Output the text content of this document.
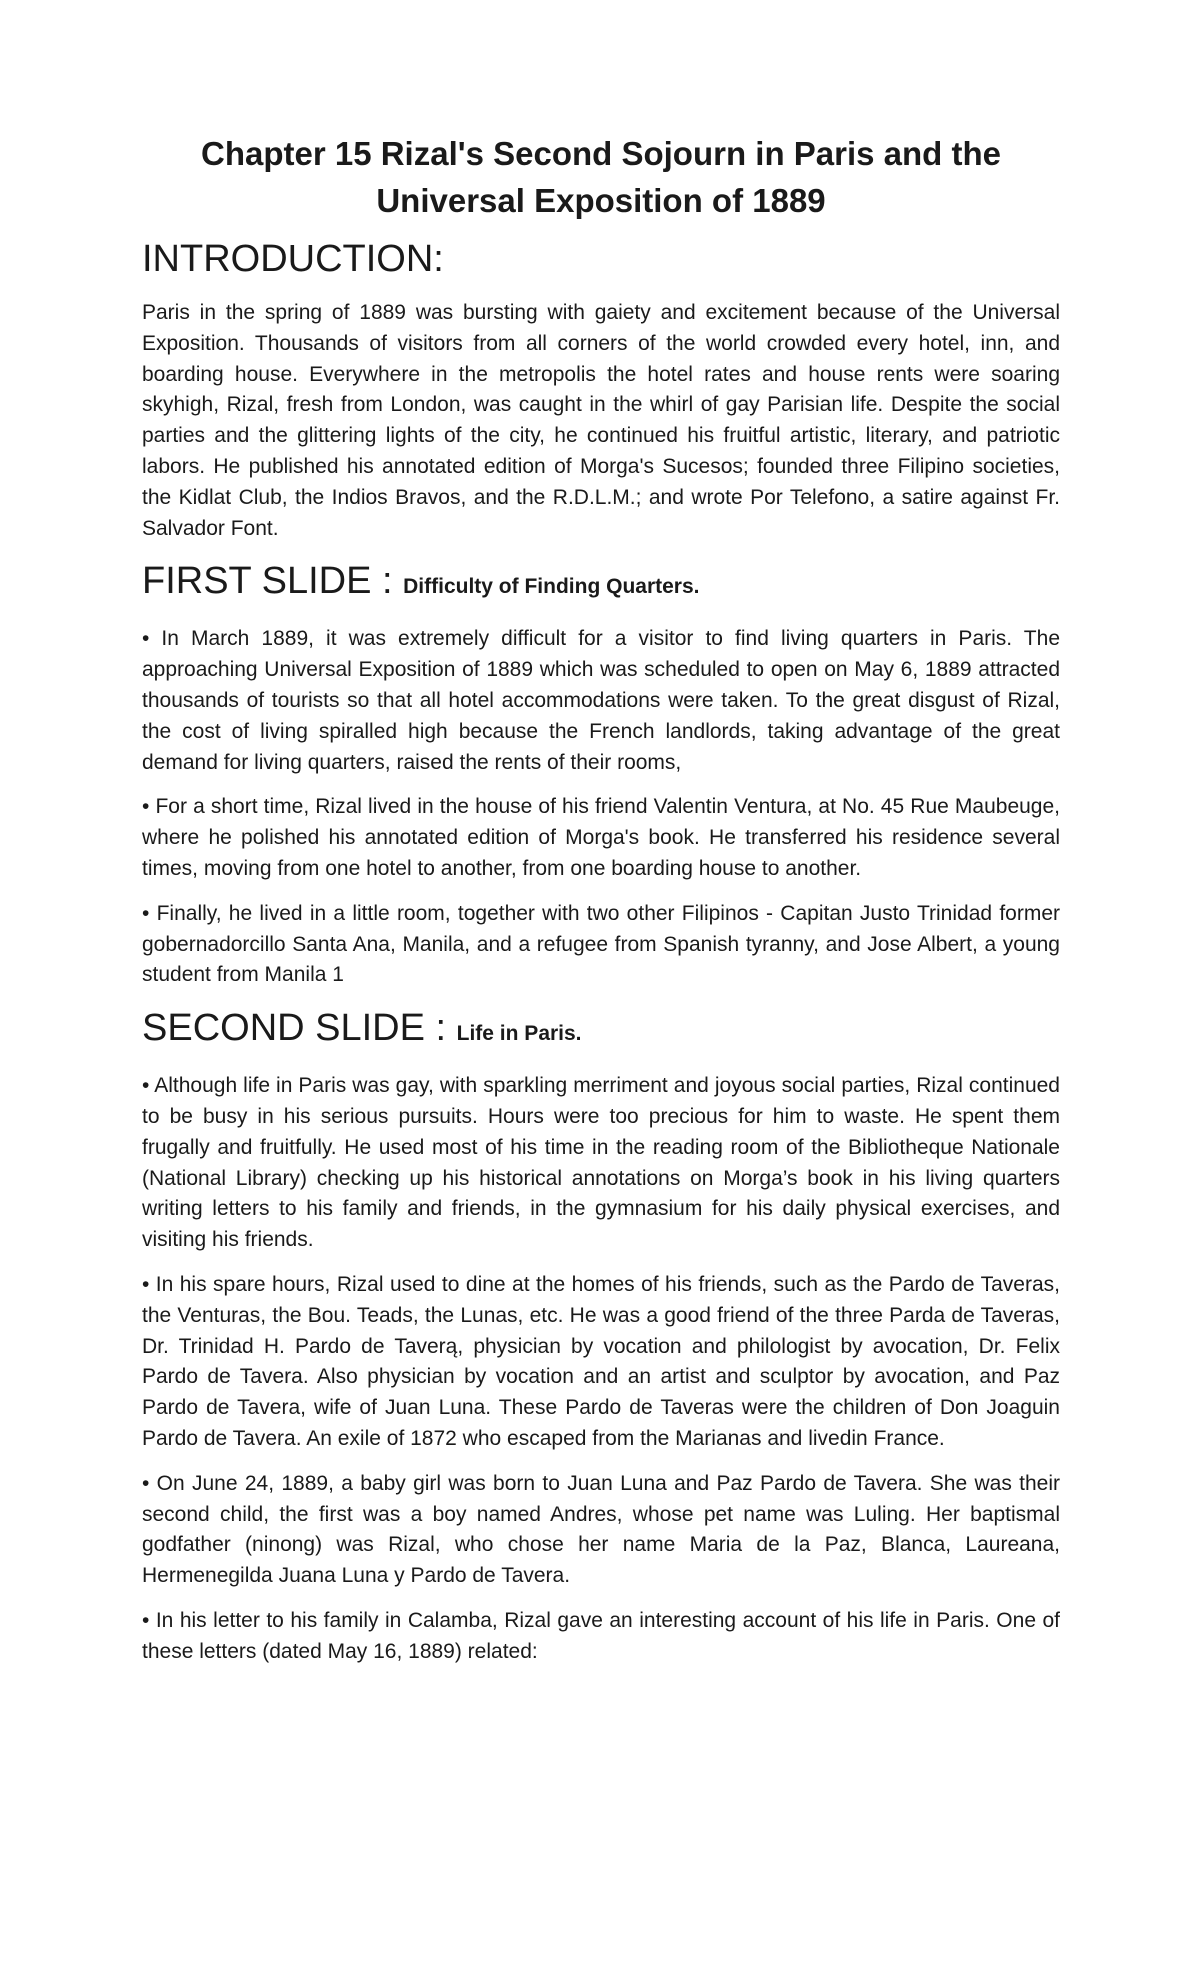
Chapter 15 Rizal's Second Sojourn in Paris and the
Universal Exposition of 1889
INTRODUCTION:

Paris in the spring of 1889 was bursting with gaiety and excitement because of the Universal Exposition. Thousands of visitors from all corners of the world crowded every hotel, inn, and boarding house. Everywhere in the metropolis the hotel rates and house rents were soaring skyhigh, Rizal, fresh from London, was caught in the whirl of gay Parisian life. Despite the social parties and the glittering lights of the city, he continued his fruitful artistic, literary, and patriotic labors. He published his annotated edition of Morga's Sucesos; founded three Filipino societies, the Kidlat Club, the Indios Bravos, and the R.D.L.M.; and wrote Por Telefono, a satire against Fr. Salvador Font.

FIRST SLIDE : Difficulty of Finding Quarters.

• In March 1889, it was extremely difficult for a visitor to find living quarters in Paris. The approaching Universal Exposition of 1889 which was scheduled to open on May 6, 1889 attracted thousands of tourists so that all hotel accommodations were taken. To the great disgust of Rizal, the cost of living spiralled high because the French landlords, taking advantage of the great demand for living quarters, raised the rents of their rooms,

• For a short time, Rizal lived in the house of his friend Valentin Ventura, at No. 45 Rue Maubeuge, where he polished his annotated edition of Morga's book. He transferred his residence several times, moving from one hotel to another, from one boarding house to another.

• Finally, he lived in a little room, together with two other Filipinos - Capitan Justo Trinidad former gobernadorcillo Santa Ana, Manila, and a refugee from Spanish tyranny, and Jose Albert, a young student from Manila 1

SECOND SLIDE : Life in Paris.

• Although life in Paris was gay, with sparkling merriment and joyous social parties, Rizal continued to be busy in his serious pursuits. Hours were too precious for him to waste. He spent them frugally and fruitfully. He used most of his time in the reading room of the Bibliotheque Nationale (National Library) checking up his historical annotations on Morga’s book in his living quarters writing letters to his family and friends, in the gymnasium for his daily physical exercises, and visiting his friends.

• In his spare hours, Rizal used to dine at the homes of his friends, such as the Pardo de Taveras, the Venturas, the Bou. Teads, the Lunas, etc. He was a good friend of the three Parda de Taveras, Dr. Trinidad H. Pardo de Taverą, physician by vocation and philologist by avocation, Dr. Felix Pardo de Tavera. Also physician by vocation and an artist and sculptor by avocation, and Paz Pardo de Tavera, wife of Juan Luna. These Pardo de Taveras were the children of Don Joaguin Pardo de Tavera. An exile of 1872 who escaped from the Marianas and livedin France.

• On June 24, 1889, a baby girl was born to Juan Luna and Paz Pardo de Tavera. She was their second child, the first was a boy named Andres, whose pet name was Luling. Her baptismal godfather (ninong) was Rizal, who chose her name Maria de la Paz, Blanca, Laureana, Hermenegilda Juana Luna y Pardo de Tavera.

• In his letter to his family in Calamba, Rizal gave an interesting account of his life in Paris. One of these letters (dated May 16, 1889) related:
